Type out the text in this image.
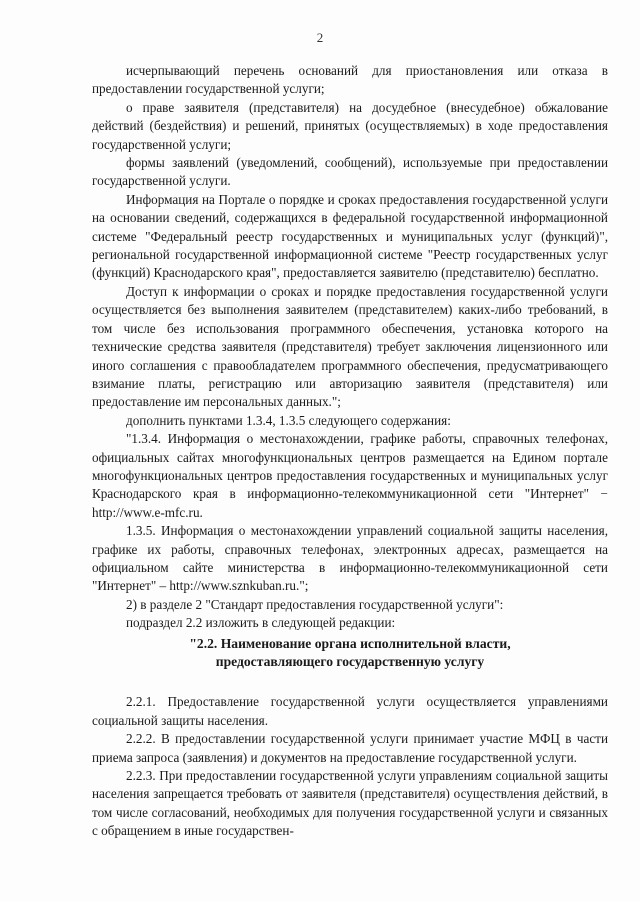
2

исчерпывающий перечень оснований для приостановления или отказа в предоставлении государственной услуги;

о праве заявителя (представителя) на досудебное (внесудебное) обжалование действий (бездействия) и решений, принятых (осуществляемых) в ходе предоставления государственной услуги;

формы заявлений (уведомлений, сообщений), используемые при предоставлении государственной услуги.

Информация на Портале о порядке и сроках предоставления государственной услуги на основании сведений, содержащихся в федеральной государственной информационной системе "Федеральный реестр государственных и муниципальных услуг (функций)", региональной государственной информационной системе "Реестр государственных услуг (функций) Краснодарского края", предоставляется заявителю (представителю) бесплатно.

Доступ к информации о сроках и порядке предоставления государственной услуги осуществляется без выполнения заявителем (представителем) каких-либо требований, в том числе без использования программного обеспечения, установка которого на технические средства заявителя (представителя) требует заключения лицензионного или иного соглашения с правообладателем программного обеспечения, предусматривающего взимание платы, регистрацию или авторизацию заявителя (представителя) или предоставление им персональных данных.";

дополнить пунктами 1.3.4, 1.3.5 следующего содержания:

"1.3.4. Информация о местонахождении, графике работы, справочных телефонах, официальных сайтах многофункциональных центров размещается на Едином портале многофункциональных центров предоставления государственных и муниципальных услуг Краснодарского края в информационно-телекоммуникационной сети "Интернет" − http://www.e-mfc.ru.

1.3.5. Информация о местонахождении управлений социальной защиты населения, графике их работы, справочных телефонах, электронных адресах, размещается на официальном сайте министерства в информационно-телекоммуникационной сети "Интернет" – http://www.sznkuban.ru.";

2) в разделе 2 "Стандарт предоставления государственной услуги":

подраздел 2.2 изложить в следующей редакции:

"2.2. Наименование органа исполнительной власти,
предоставляющего государственную услугу

2.2.1. Предоставление государственной услуги осуществляется управлениями социальной защиты населения.

2.2.2. В предоставлении государственной услуги принимает участие МФЦ в части приема запроса (заявления) и документов на предоставление государственной услуги.

2.2.3. При предоставлении государственной услуги управлениям социальной защиты населения запрещается требовать от заявителя (представителя) осуществления действий, в том числе согласований, необходимых для получения государственной услуги и связанных с обращением в иные государствен-
